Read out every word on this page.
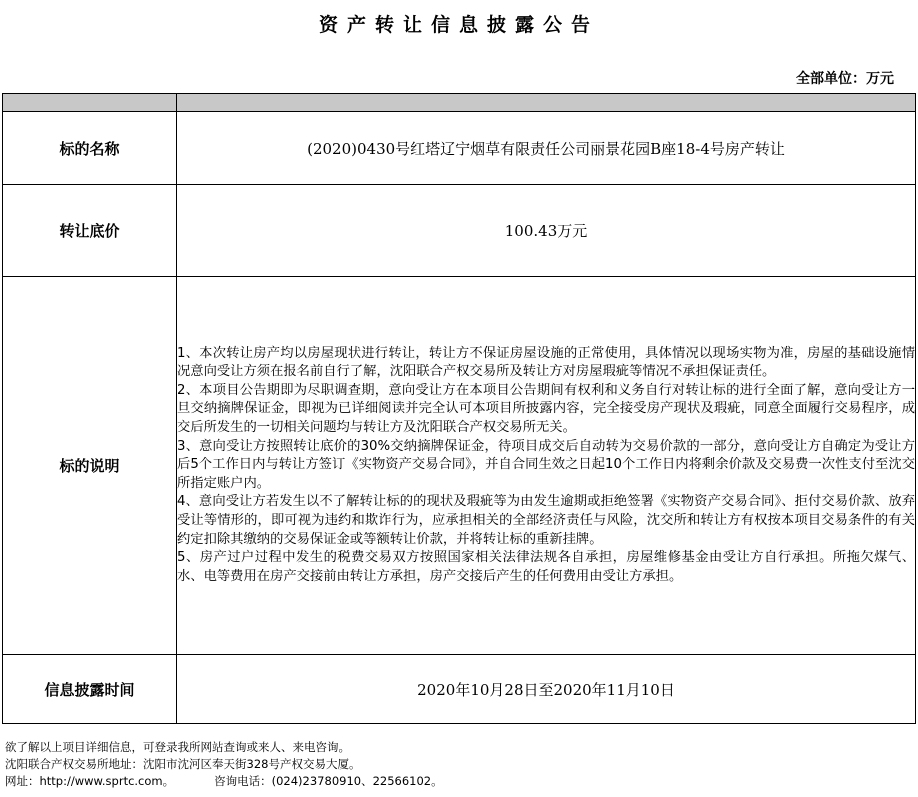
资产转让信息披露公告
全部单位：万元

标的名称	(2020)0430号红塔辽宁烟草有限责任公司丽景花园B座18-4号房产转让
转让底价	100.43万元
标的说明	1、本次转让房产均以房屋现状进行转让，转让方不保证房屋设施的正常使用，具体情况以现场实物为准，房屋的基础设施情况意向受让方须在报名前自行了解，沈阳联合产权交易所及转让方对房屋瑕疵等情况不承担保证责任。

2、本项目公告期即为尽职调查期，意向受让方在本项目公告期间有权利和义务自行对转让标的进行全面了解，意向受让方一旦交纳摘牌保证金，即视为已详细阅读并完全认可本项目所披露内容，完全接受房产现状及瑕疵，同意全面履行交易程序，成交后所发生的一切相关问题均与转让方及沈阳联合产权交易所无关。

3、意向受让方按照转让底价的30%交纳摘牌保证金，待项目成交后自动转为交易价款的一部分，意向受让方自确定为受让方后5个工作日内与转让方签订《实物资产交易合同》，并自合同生效之日起10个工作日内将剩余价款及交易费一次性支付至沈交所指定账户内。

4、意向受让方若发生以不了解转让标的的现状及瑕疵等为由发生逾期或拒绝签署《实物资产交易合同》、拒付交易价款、放弃受让等情形的，即可视为违约和欺诈行为，应承担相关的全部经济责任与风险，沈交所和转让方有权按本项目交易条件的有关约定扣除其缴纳的交易保证金或等额转让价款，并将转让标的重新挂牌。

5、房产过户过程中发生的税费交易双方按照国家相关法律法规各自承担，房屋维修基金由受让方自行承担。所拖欠煤气、水、电等费用在房产交接前由转让方承担，房产交接后产生的任何费用由受让方承担。

信息披露时间	2020年10月28日至2020年11月10日
欲了解以上项目详细信息，可登录我所网站查询或来人、来电咨询。
沈阳联合产权交易所地址：沈阳市沈河区奉天街328号产权交易大厦。
网址：http://www.sprtc.com。	咨询电话：(024)23780910、22566102。
